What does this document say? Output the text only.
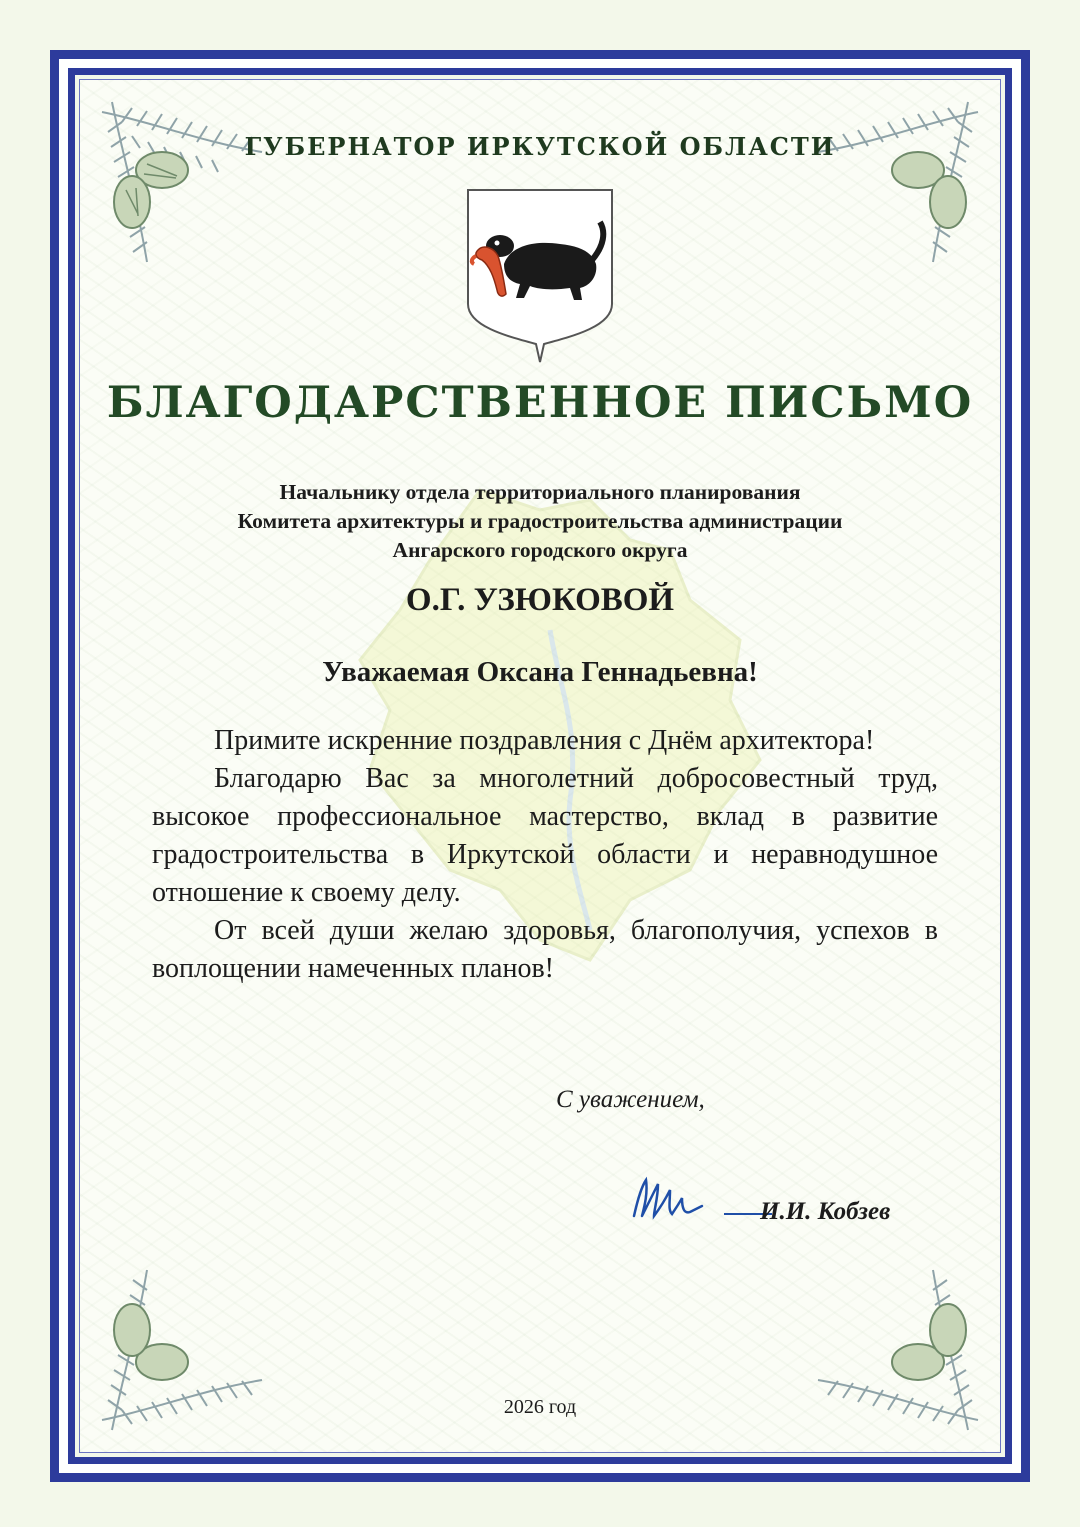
ГУБЕРНАТОР ИРКУТСКОЙ ОБЛАСТИ
БЛАГОДАРСТВЕННОЕ ПИСЬМО
Начальнику отдела территориального планирования
Комитета архитектуры и градостроительства администрации
Ангарского городского округа
О.Г. УЗЮКОВОЙ
Уважаемая Оксана Геннадьевна!

Примите искренние поздравления с Днём архитектора!

Благодарю Вас за многолетний добросовестный труд, высокое профессиональное мастерство, вклад в развитие градостроительства в Иркутской области и неравнодушное отношение к своему делу.

От всей души желаю здоровья, благополучия, успехов в воплощении намеченных планов!

С уважением,
И.И. Кобзев
2026 год
